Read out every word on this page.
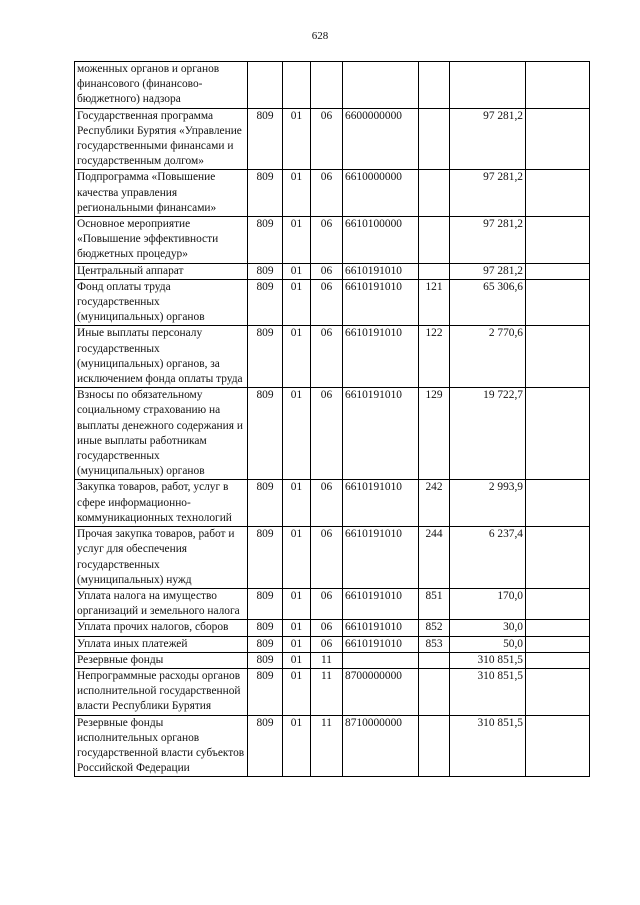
628
моженных органов и органов финансового (финансово-бюджетного) надзора							
Государственная программа Республики Бурятия «Управление государственными финансами и государственным долгом»	809	01	06	6600000000		97 281,2	
Подпрограмма «Повышение качества управления региональными финансами»	809	01	06	6610000000		97 281,2	
Основное мероприятие «Повышение эффективности бюджетных процедур»	809	01	06	6610100000		97 281,2	
Центральный аппарат	809	01	06	6610191010		97 281,2	
Фонд оплаты труда государственных (муниципальных) органов	809	01	06	6610191010	121	65 306,6	
Иные выплаты персоналу государственных (муниципальных) органов, за исключением фонда оплаты труда	809	01	06	6610191010	122	2 770,6	
Взносы по обязательному социальному страхованию на выплаты денежного содержания и иные выплаты работникам государственных (муниципальных) органов	809	01	06	6610191010	129	19 722,7	
Закупка товаров, работ, услуг в сфере информационно-коммуникационных технологий	809	01	06	6610191010	242	2 993,9	
Прочая закупка товаров, работ и услуг для обеспечения государственных (муниципальных) нужд	809	01	06	6610191010	244	6 237,4	
Уплата налога на имущество организаций и земельного налога	809	01	06	6610191010	851	170,0	
Уплата прочих налогов, сборов	809	01	06	6610191010	852	30,0	
Уплата иных платежей	809	01	06	6610191010	853	50,0	
Резервные фонды	809	01	11			310 851,5	
Непрограммные расходы органов исполнительной государственной власти Республики Бурятия	809	01	11	8700000000		310 851,5	
Резервные фонды исполнительных органов государственной власти субъектов Российской Федерации	809	01	11	8710000000		310 851,5	
